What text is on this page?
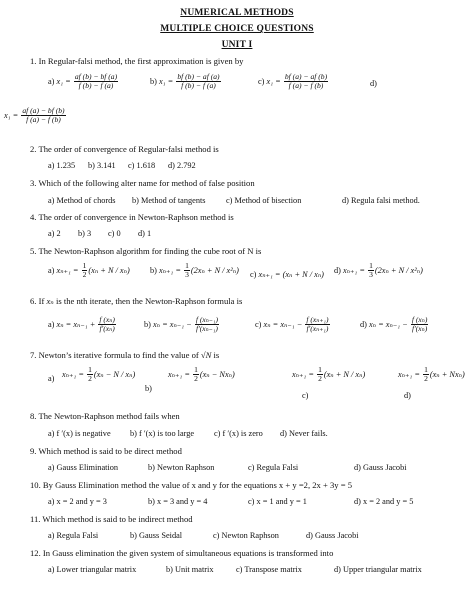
NUMERICAL METHODS
MULTIPLE CHOICE QUESTIONS
UNIT I
1. In Regular-falsi method, the first approximation is given by
a) $x_1 = \frac{af (b) - bf (a)}{f (b) - f (a)}$	b) $x_1 = \frac{bf (b) - af (a)}{f (b) - f (a)}$	c) $x_1 = \frac{bf (a) - af (b)}{f (a) - f (b)}$	d)
$x_1 = \frac{af (a) - bf (b)}{f (a) - f (b)}$
2. The order of convergence of Regular-falsi method is
a) 1.235 b) 3.141 c) 1.618 d) 2.792
3. Which of the following alter name for method of false position
a) Method of chords b) Method of tangents c) Method of bisection	d) Regula falsi method.
4. The order of convergence in Newton-Raphson method is
a) 2 b) 3 c) 0 d) 1
5. The Newton-Raphson algorithm for finding the cube root of N is
a) $x_{n+1} = \frac{1}{2} (x_n + N / x_n)$ b) $x_{n+1} = \frac{1}{3} (2x_n + N / x^2_n)$ c) xₙ₊₁ = (xₙ + N / xₙ) d) $x_{n+1} = \frac{1}{3} (2x_n + N / x^2_n)$
6. If xₙ is the nth iterate, then the Newton-Raphson formula is
a) $x_n = x_{n-1} + \frac{\text{f (xₙ)}}{\text{f′(xₙ)}}$	b) $x_n = x_{n-1} - \frac{\text{f (xₙ₋₁)}}{\text{f′(xₙ₋₁)}}$	c) $x_n = x_{n-1} - \frac{\text{f (xₙ₊₁)}}{\text{f′(xₙ₊₁)}}$	d) $x_n = x_{n-1} - \frac{\text{f (xₙ)}}{\text{f′(xₙ)}}$
7. Newton’s iterative formula to find the value of √N is
a) $x_{n+1} = \frac{1}{2} (x_n - N / x_n)$
b)
$x_{n+1} = \frac{1}{2} (x_n - Nx_n)$	$x_{n+1} = \frac{1}{2} (x_n + N / x_n)$
c)
$x_{n+1} = \frac{1}{2} (x_n + Nx_n)$
d)
8. The Newton-Raphson method fails when
a) f ′(x) is negative b) f ′(x) is too large c) f ′(x) is zero d) Never fails.
9. Which method is said to be direct method
a) Gauss Elimination	b) Newton Raphson	c) Regula Falsi	d) Gauss Jacobi
10. By Gauss Elimination method the value of x and y for the equations x + y =2, 2x + 3y = 5
a) x = 2 and y = 3	b) x = 3 and y = 4	c) x = 1 and y = 1	d) x = 2 and y = 5
11. Which method is said to be indirect method
a) Regula Falsi	b) Gauss Seidal	c) Newton Raphson	d) Gauss Jacobi
12. In Gauss elimination the given system of simultaneous equations is transformed into
a) Lower triangular matrix	b) Unit matrix	c) Transpose matrix	d) Upper triangular matrix
